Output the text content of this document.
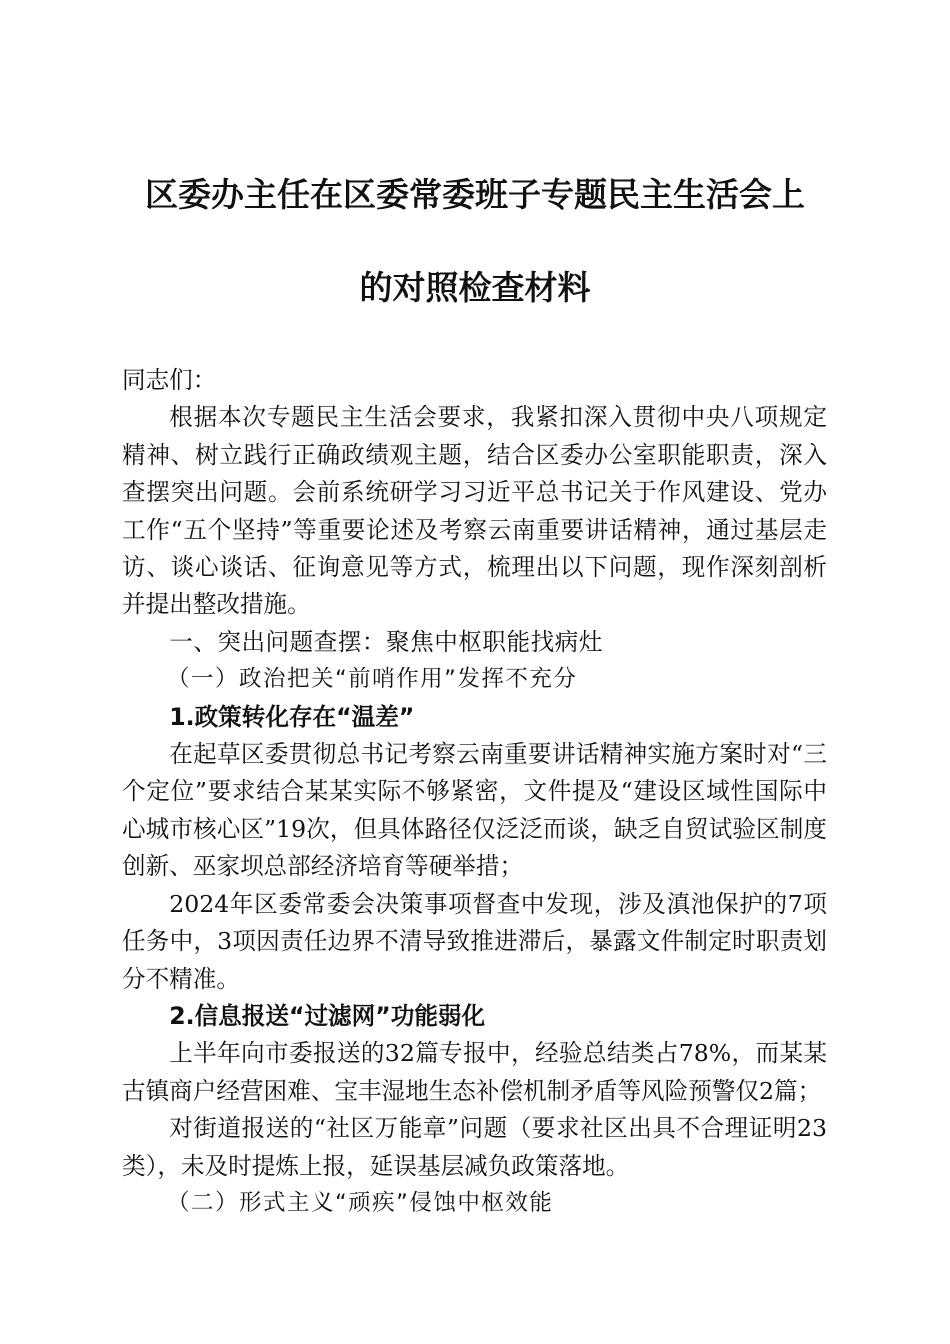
区委办主任在区委常委班子专题民主生活会上
的对照检查材料

同志们：

根据本次专题民主生活会要求，我紧扣深入贯彻中央八项规定精神、树立践行正确政绩观主题，结合区委办公室职能职责，深入查摆突出问题。会前系统研学习习近平总书记关于作风建设、党办工作“五个坚持”等重要论述及考察云南重要讲话精神，通过基层走访、谈心谈话、征询意见等方式，梳理出以下问题，现作深刻剖析并提出整改措施。

一、突出问题查摆：聚焦中枢职能找病灶

（一）政治把关“前哨作用”发挥不充分

1.政策转化存在“温差”

在起草区委贯彻总书记考察云南重要讲话精神实施方案时对“三个定位”要求结合某某实际不够紧密，文件提及“建设区域性国际中心城市核心区”19次，但具体路径仅泛泛而谈，缺乏自贸试验区制度创新、巫家坝总部经济培育等硬举措；

2024年区委常委会决策事项督查中发现，涉及滇池保护的7项任务中，3项因责任边界不清导致推进滞后，暴露文件制定时职责划分不精准。

2.信息报送“过滤网”功能弱化

上半年向市委报送的32篇专报中，经验总结类占78%，而某某古镇商户经营困难、宝丰湿地生态补偿机制矛盾等风险预警仅2篇；

对街道报送的“社区万能章”问题（要求社区出具不合理证明23类），未及时提炼上报，延误基层减负政策落地。

（二）形式主义“顽疾”侵蚀中枢效能
